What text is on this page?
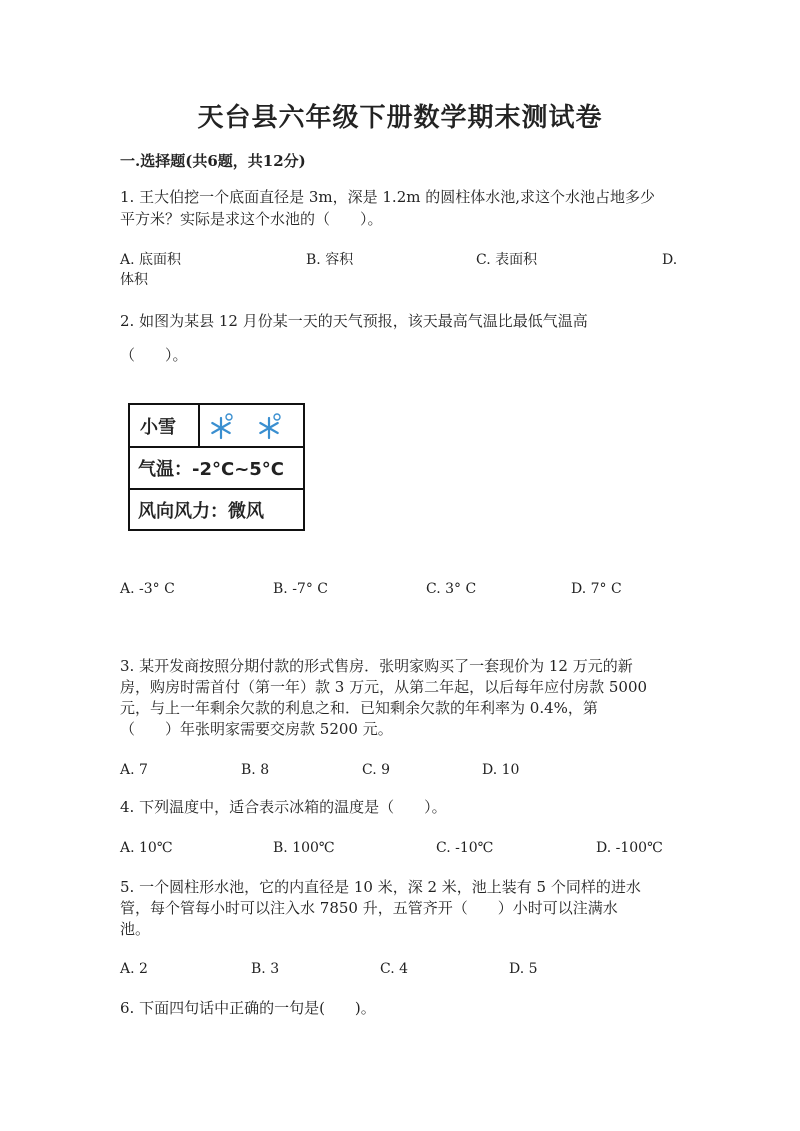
天台县六年级下册数学期末测试卷
一.选择题(共6题，共12分)
1. 王大伯挖一个底面直径是 3m，深是 1.2m 的圆柱体水池,求这个水池占地多少
平方米？实际是求这个水池的（　　）。
A. 底面积	B. 容积	C. 表面积	D.
体积
2. 如图为某县 12 月份某一天的天气预报，该天最高气温比最低气温高
（　　）。
小雪
气温：-2°C~5°C
风向风力：微风
A. -3° C	B. -7° C	C. 3° C	D. 7° C
3. 某开发商按照分期付款的形式售房．张明家购买了一套现价为 12 万元的新
房，购房时需首付（第一年）款 3 万元，从第二年起，以后每年应付房款 5000
元，与上一年剩余欠款的利息之和．已知剩余欠款的年利率为 0.4%，第
（　　）年张明家需要交房款 5200 元。
A. 7	B. 8	C. 9	D. 10
4. 下列温度中，适合表示冰箱的温度是（　　）。
A. 10℃	B. 100℃	C. -10℃	D. -100℃
5. 一个圆柱形水池，它的内直径是 10 米，深 2 米，池上装有 5 个同样的进水
管，每个管每小时可以注入水 7850 升，五管齐开（　　）小时可以注满水
池。
A. 2	B. 3	C. 4	D. 5
6. 下面四句话中正确的一句是(　　)。
